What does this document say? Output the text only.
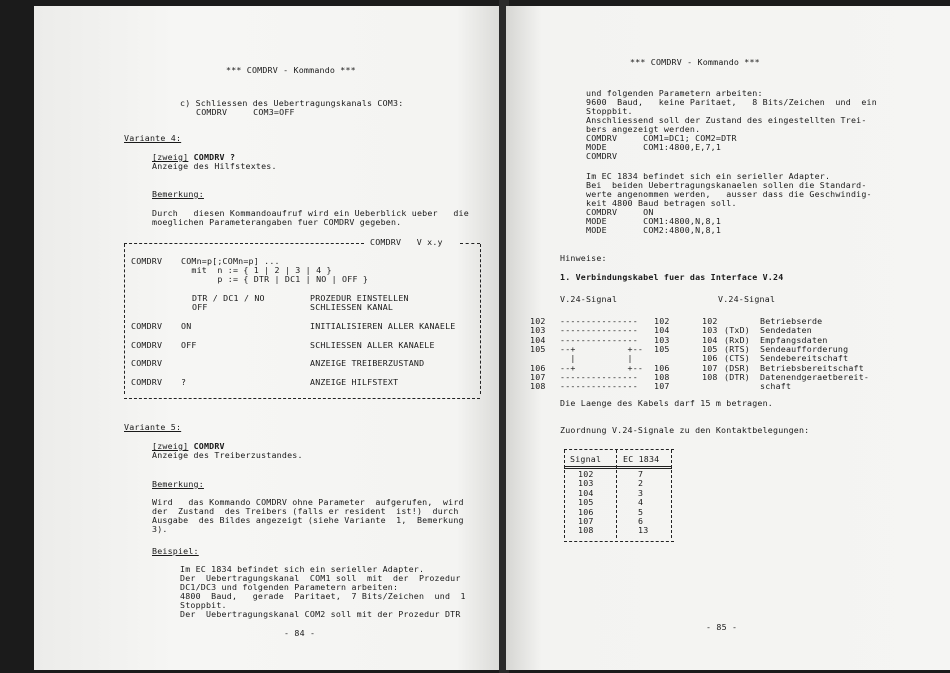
*** COMDRV - Kommando ***
c) Schliessen des Uebertragungskanals COM3:
COMDRV     COM3=OFF
Variante 4:
[zweig] COMDRV ?
Anzeige des Hilfstextes.
Bemerkung:
Durch   diesen Kommandoaufruf wird ein Ueberblick ueber   die
moeglichen Parameterangaben fuer COMDRV gegeben.
COMDRV   V x.y
COMDRV COMn=p[;COMn=p] ...
mit  n := { 1 | 2 | 3 | 4 }
p := { DTR | DC1 | NO | OFF }
DTR / DC1 / NO	PROZEDUR EINSTELLEN
OFF	SCHLIESSEN KANAL
COMDRV ON	INITIALISIEREN ALLER KANAELE
COMDRV OFF	SCHLIESSEN ALLER KANAELE
COMDRV	ANZEIGE TREIBERZUSTAND
COMDRV ?	ANZEIGE HILFSTEXT
Variante 5:
[zweig] COMDRV
Anzeige des Treiberzustandes.
Bemerkung:
Wird   das Kommando COMDRV ohne Parameter  aufgerufen,  wird
der  Zustand  des Treibers (falls er resident  ist!)  durch
Ausgabe  des Bildes angezeigt (siehe Variante  1,  Bemerkung
3).
Beispiel:
Im EC 1834 befindet sich ein serieller Adapter.
Der  Uebertragungskanal  COM1 soll  mit  der  Prozedur
DC1/DC3 und folgenden Parametern arbeiten:
4800  Baud,   gerade  Paritaet,  7 Bits/Zeichen  und  1
Stoppbit.
Der  Uebertragungskanal COM2 soll mit der Prozedur DTR
- 84 -
*** COMDRV - Kommando ***
und folgenden Parametern arbeiten:
9600  Baud,   keine Paritaet,   8 Bits/Zeichen  und  ein
Stoppbit.
Anschliessend soll der Zustand des eingestellten Trei-
bers angezeigt werden.
COMDRV     COM1=DC1; COM2=DTR
MODE       COM1:4800,E,7,1
COMDRV
Im EC 1834 befindet sich ein serieller Adapter.
Bei  beiden Uebertragungskanaelen sollen die Standard-
werte angenommen werden,   ausser dass die Geschwindig-
keit 4800 Baud betragen soll.
COMDRV     ON
MODE       COM1:4800,N,8,1
MODE       COM2:4800,N,8,1
Hinweise:
1. Verbindungskabel fuer das Interface V.24
V.24-Signal	V.24-Signal
102 --------------- 102	102	Betriebserde
103 --------------- 104	103 (TxD) Sendedaten
104 --------------- 103	104 (RxD) Empfangsdaten
105 --+          +-- 105	105 (RTS) Sendeaufforderung
|          |	106 (CTS) Sendebereitschaft
106 --+          +-- 106	107 (DSR) Betriebsbereitschaft
107 --------------- 108	108 (DTR) Datenendgeraetbereit-
108 --------------- 107	schaft
Die Laenge des Kabels darf 15 m betragen.
Zuordnung V.24-Signale zu den Kontaktbelegungen:
Signal	EC 1834
102	7
103	2
104	3
105	4
106	5
107	6
108	13
- 85 -
